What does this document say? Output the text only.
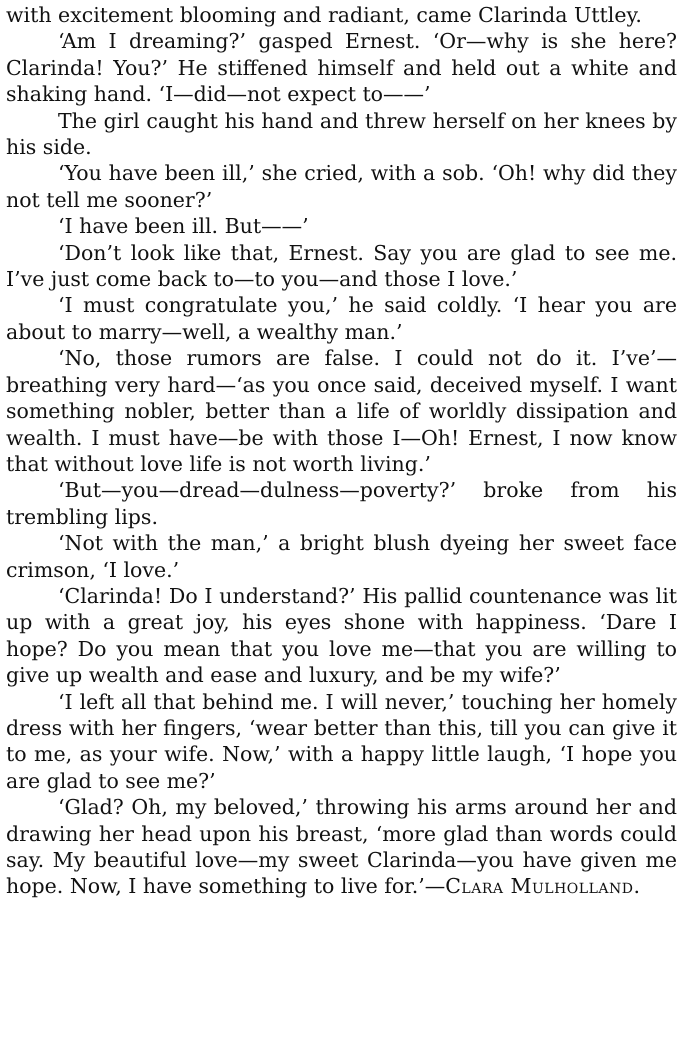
with excitement blooming and radiant, came Clarinda Uttley.

‘Am I dreaming?’ gasped Ernest. ‘Or—why is she here? Clarinda! You?’ He stiffened himself and held out a white and shaking hand. ‘I—did—not expect to——’

The girl caught his hand and threw herself on her knees by his side.

‘You have been ill,’ she cried, with a sob. ‘Oh! why did they not tell me sooner?’

‘I have been ill. But——’

‘Don’t look like that, Ernest. Say you are glad to see me. I’ve just come back to—to you—and those I love.’

‘I must congratulate you,’ he said coldly. ‘I hear you are about to marry—well, a wealthy man.’

‘No, those rumors are false. I could not do it. I’ve’—breathing very hard—‘as you once said, deceived myself. I want something nobler, better than a life of worldly dissipation and wealth. I must have—be with those I—Oh! Ernest, I now know that without love life is not worth living.’

‘But—you—dread—dulness—poverty?’ broke from his trembling lips.

‘Not with the man,’ a bright blush dyeing her sweet face crimson, ‘I love.’

‘Clarinda! Do I understand?’ His pallid countenance was lit up with a great joy, his eyes shone with happiness. ‘Dare I hope? Do you mean that you love me—that you are willing to give up wealth and ease and luxury, and be my wife?’

‘I left all that behind me. I will never,’ touching her homely dress with her fingers, ‘wear better than this, till you can give it to me, as your wife. Now,’ with a happy little laugh, ‘I hope you are glad to see me?’

‘Glad? Oh, my beloved,’ throwing his arms around her and drawing her head upon his breast, ‘more glad than words could say. My beautiful love—my sweet Clarinda—you have given me hope. Now, I have something to live for.’—Clara Mulholland.
